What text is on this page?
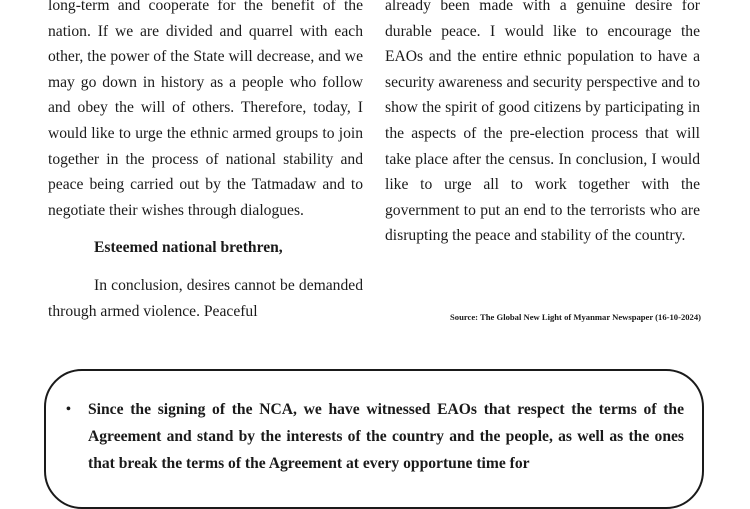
long-term and cooperate for the benefit of the nation. If we are divided and quarrel with each other, the power of the State will decrease, and we may go down in history as a people who follow and obey the will of others. Therefore, today, I would like to urge the ethnic armed groups to join together in the process of national stability and peace being carried out by the Tatmadaw and to negotiate their wishes through dialogues.

Esteemed national brethren,

In conclusion, desires cannot be demanded through armed violence. Peaceful

already been made with a genuine desire for durable peace. I would like to encourage the EAOs and the entire ethnic population to have a security awareness and security perspective and to show the spirit of good citizens by participating in the aspects of the pre-election process that will take place after the census. In conclusion, I would like to urge all to work together with the government to put an end to the terrorists who are disrupting the peace and stability of the country.

Source: The Global New Light of Myanmar Newspaper (16-10-2024)
• Since the signing of the NCA, we have witnessed EAOs that respect the terms of the Agreement and stand by the interests of the country and the people, as well as the ones that break the terms of the Agreement at every opportune time for
